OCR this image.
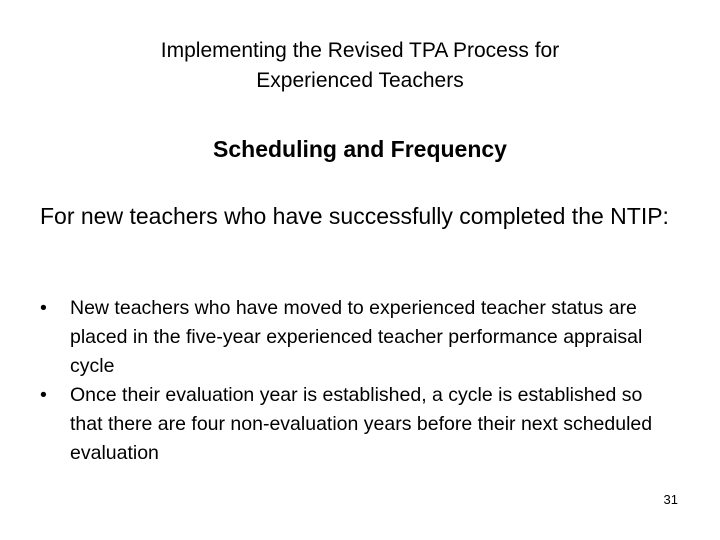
Implementing the Revised TPA Process for
Experienced Teachers
Scheduling and Frequency
For new teachers who have successfully completed the NTIP:
• New teachers who have moved to experienced teacher status are placed in the five-year experienced teacher performance appraisal cycle
• Once their evaluation year is established, a cycle is established so that there are four non-evaluation years before their next scheduled evaluation
31
